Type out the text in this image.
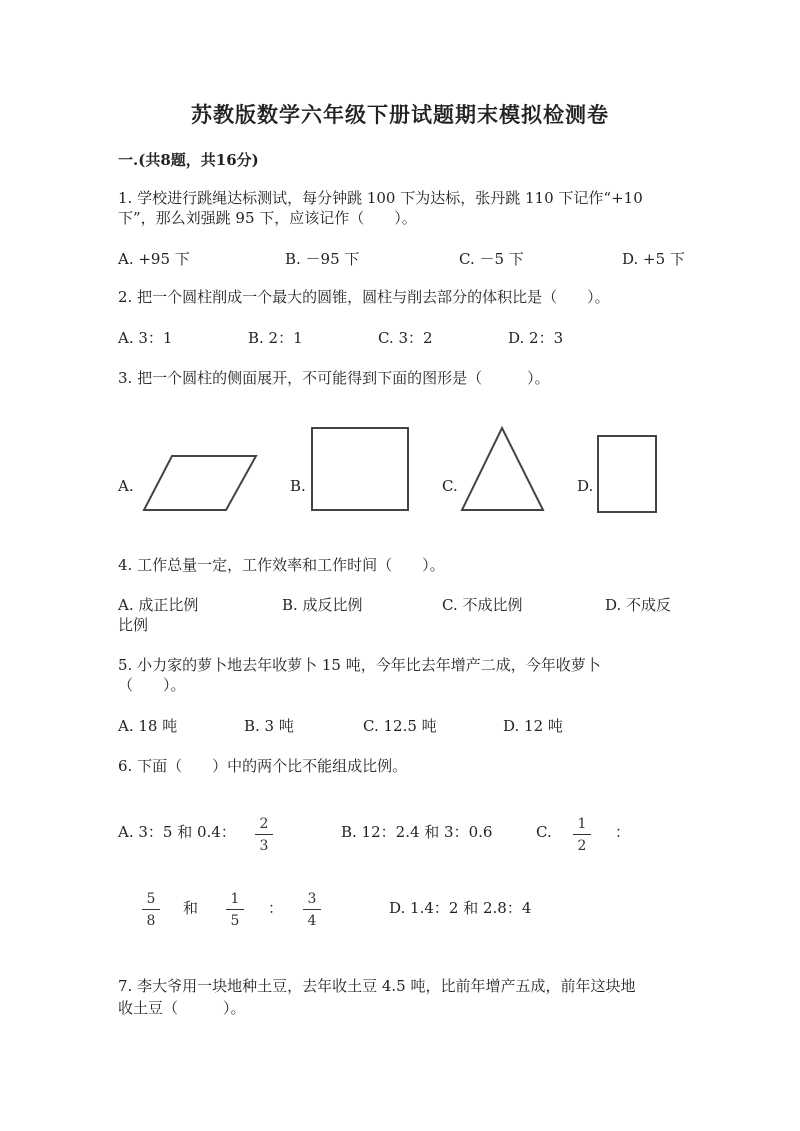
苏教版数学六年级下册试题期末模拟检测卷
一.(共8题，共16分)
1. 学校进行跳绳达标测试，每分钟跳 100 下为达标，张丹跳 110 下记作“+10
下”，那么刘强跳 95 下，应该记作（　　）。
A. +95 下	B. －95 下	C. －5 下	D. +5 下
2. 把一个圆柱削成一个最大的圆锥，圆柱与削去部分的体积比是（　　）。
A. 3：1	B. 2：1	C. 3：2	D. 2：3
3. 把一个圆柱的侧面展开，不可能得到下面的图形是（　　　）。
A.	B.	C.	D.
4. 工作总量一定，工作效率和工作时间（　　）。
A. 成正比例	B. 成反比例	C. 不成比例	D. 不成反
比例
5. 小力家的萝卜地去年收萝卜 15 吨，今年比去年增产二成，今年收萝卜
（　　）。
A. 18 吨	B. 3 吨	C. 12.5 吨	D. 12 吨
6. 下面（　　）中的两个比不能组成比例。
A. 3：5 和 0.4：	2
3
B. 12：2.4 和 3：0.6	C.	1
2
：
5
8
和	1
5
：	3
4
D. 1.4：2 和 2.8：4
7. 李大爷用一块地种土豆，去年收土豆 4.5 吨，比前年增产五成，前年这块地
收土豆（　　　）。
